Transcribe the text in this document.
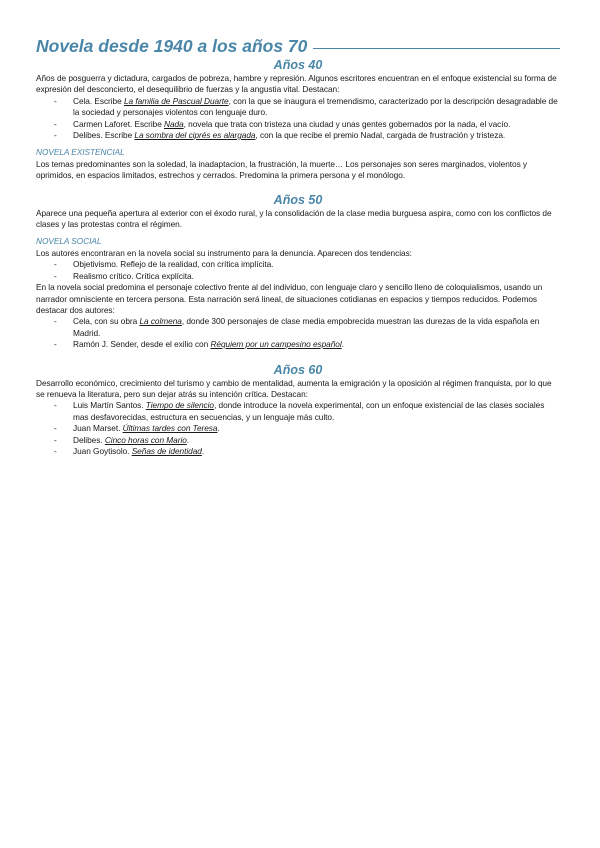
Novela desde 1940 a los años 70
Años 40

Años de posguerra y dictadura, cargados de pobreza, hambre y represión. Algunos escritores encuentran en el enfoque existencial su forma de expresión del desconcierto, el desequilibrio de fuerzas y la angustia vital. Destacan:

- Cela. Escribe La familia de Pascual Duarte, con la que se inaugura el tremendismo, caracterizado por la descripción desagradable de la sociedad y personajes violentos con lenguaje duro.
- Carmen Laforet. Escribe Nada, novela que trata con tristeza una ciudad y unas gentes gobernados por la nada, el vacío.
- Delibes. Escribe La sombra del ciprés es alargada, con la que recibe el premio Nadal, cargada de frustración y tristeza.
NOVELA EXISTENCIAL

Los temas predominantes son la soledad, la inadaptacion, la frustración, la muerte… Los personajes son seres marginados, violentos y oprimidos, en espacios limitados, estrechos y cerrados. Predomina la primera persona y el monólogo.

Años 50

Aparece una pequeña apertura al exterior con el éxodo rural, y la consolidación de la clase media burguesa aspira, como con los conflictos de clases y las protestas contra el régimen.

NOVELA SOCIAL

Los autores encontraran en la novela social su instrumento para la denuncia. Aparecen dos tendencias:

- Objetivismo. Reflejo de la realidad, con crítica implícita.
- Realismo crítico. Crítica explícita.

En la novela social predomina el personaje colectivo frente al del individuo, con lenguaje claro y sencillo lleno de coloquialismos, usando un narrador omnisciente en tercera persona. Esta narración será lineal, de situaciones cotidianas en espacios y tiempos reducidos. Podemos destacar dos autores:

- Cela, con su obra La colmena, donde 300 personajes de clase media empobrecida muestran las durezas de la vida española en Madrid.
- Ramón J. Sender, desde el exilio con Réquiem por un campesino español.
Años 60

Desarrollo económico, crecimiento del turismo y cambio de mentalidad, aumenta la emigración y la oposición al régimen franquista, por lo que se renueva la literatura, pero sun dejar atrás su intención crítica. Destacan:

- Luis Martín Santos. Tiempo de silencio, donde introduce la novela experimental, con un enfoque existencial de las clases sociales mas desfavorecidas, estructura en secuencias, y un lenguaje más culto.
- Juan Marset. Últimas tardes con Teresa.
- Delibes. Cinco horas con Mario.
- Juan Goytisolo. Señas de identidad.
